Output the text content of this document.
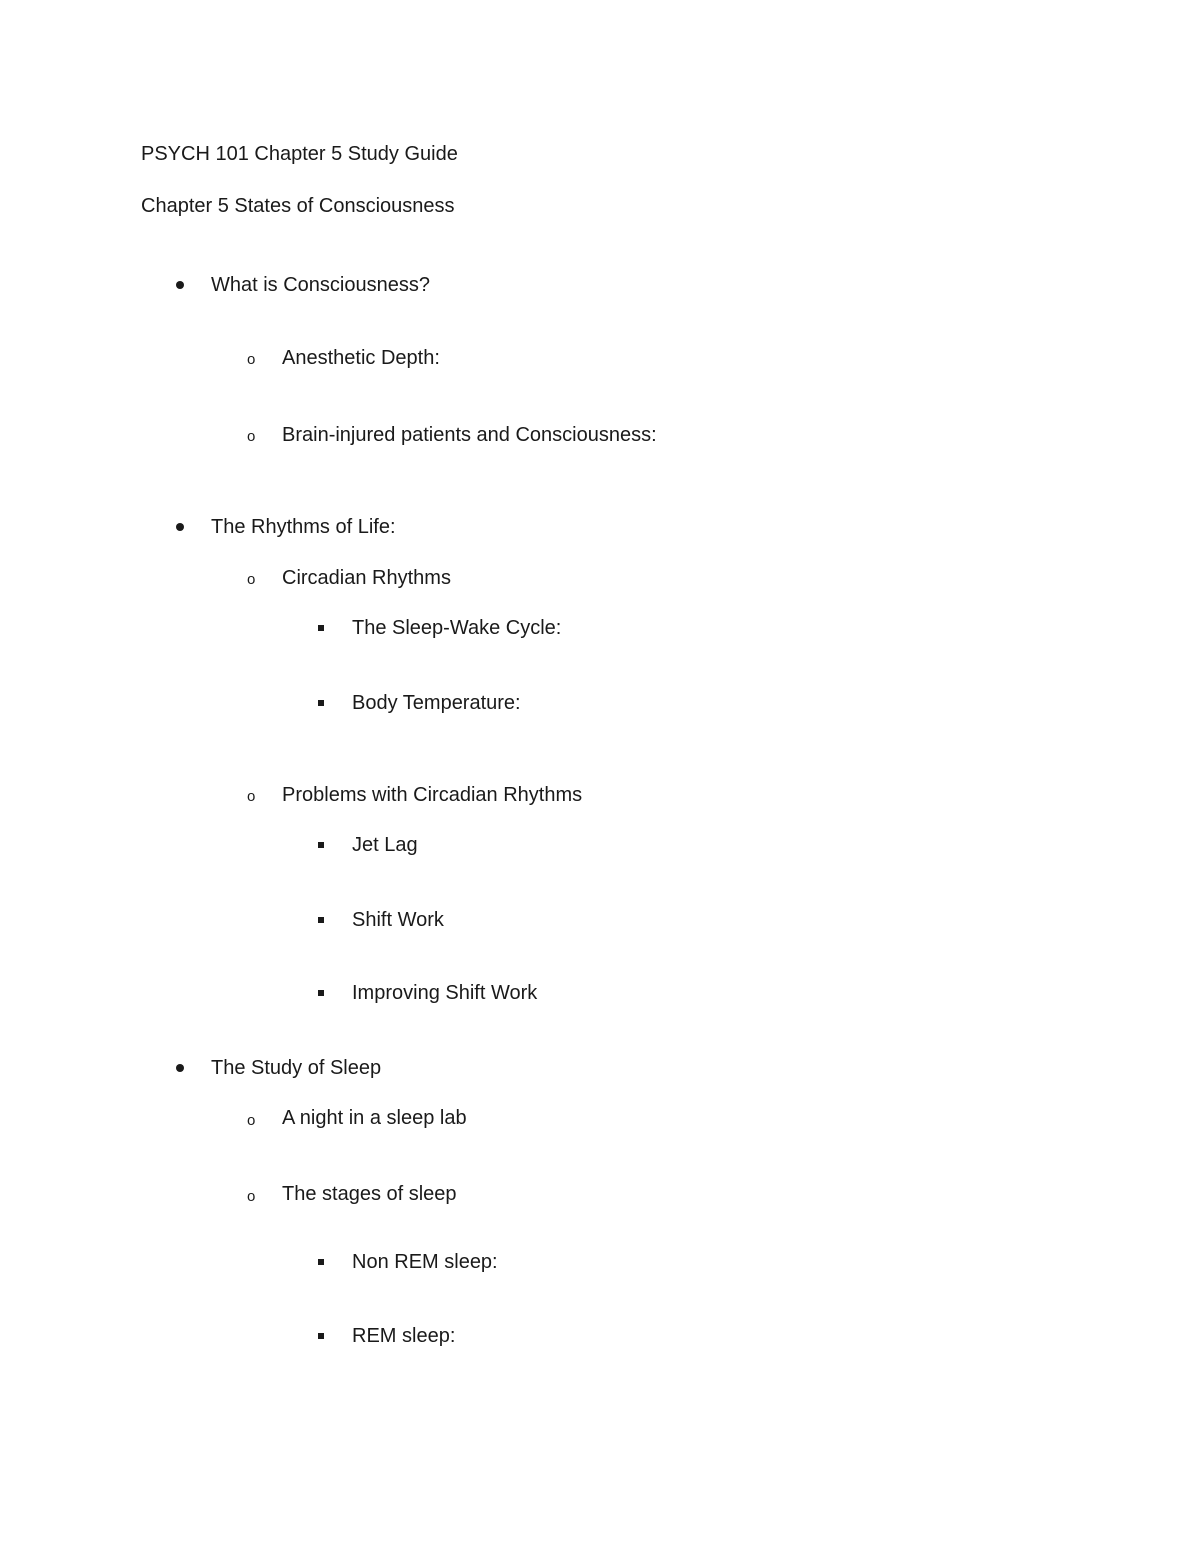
PSYCH 101 Chapter 5 Study Guide
Chapter 5 States of Consciousness
What is Consciousness?
o Anesthetic Depth:
o Brain-injured patients and Consciousness:
The Rhythms of Life:
o Circadian Rhythms
The Sleep-Wake Cycle:
Body Temperature:
o Problems with Circadian Rhythms
Jet Lag
Shift Work
Improving Shift Work
The Study of Sleep
o A night in a sleep lab
o The stages of sleep
Non REM sleep:
REM sleep:
